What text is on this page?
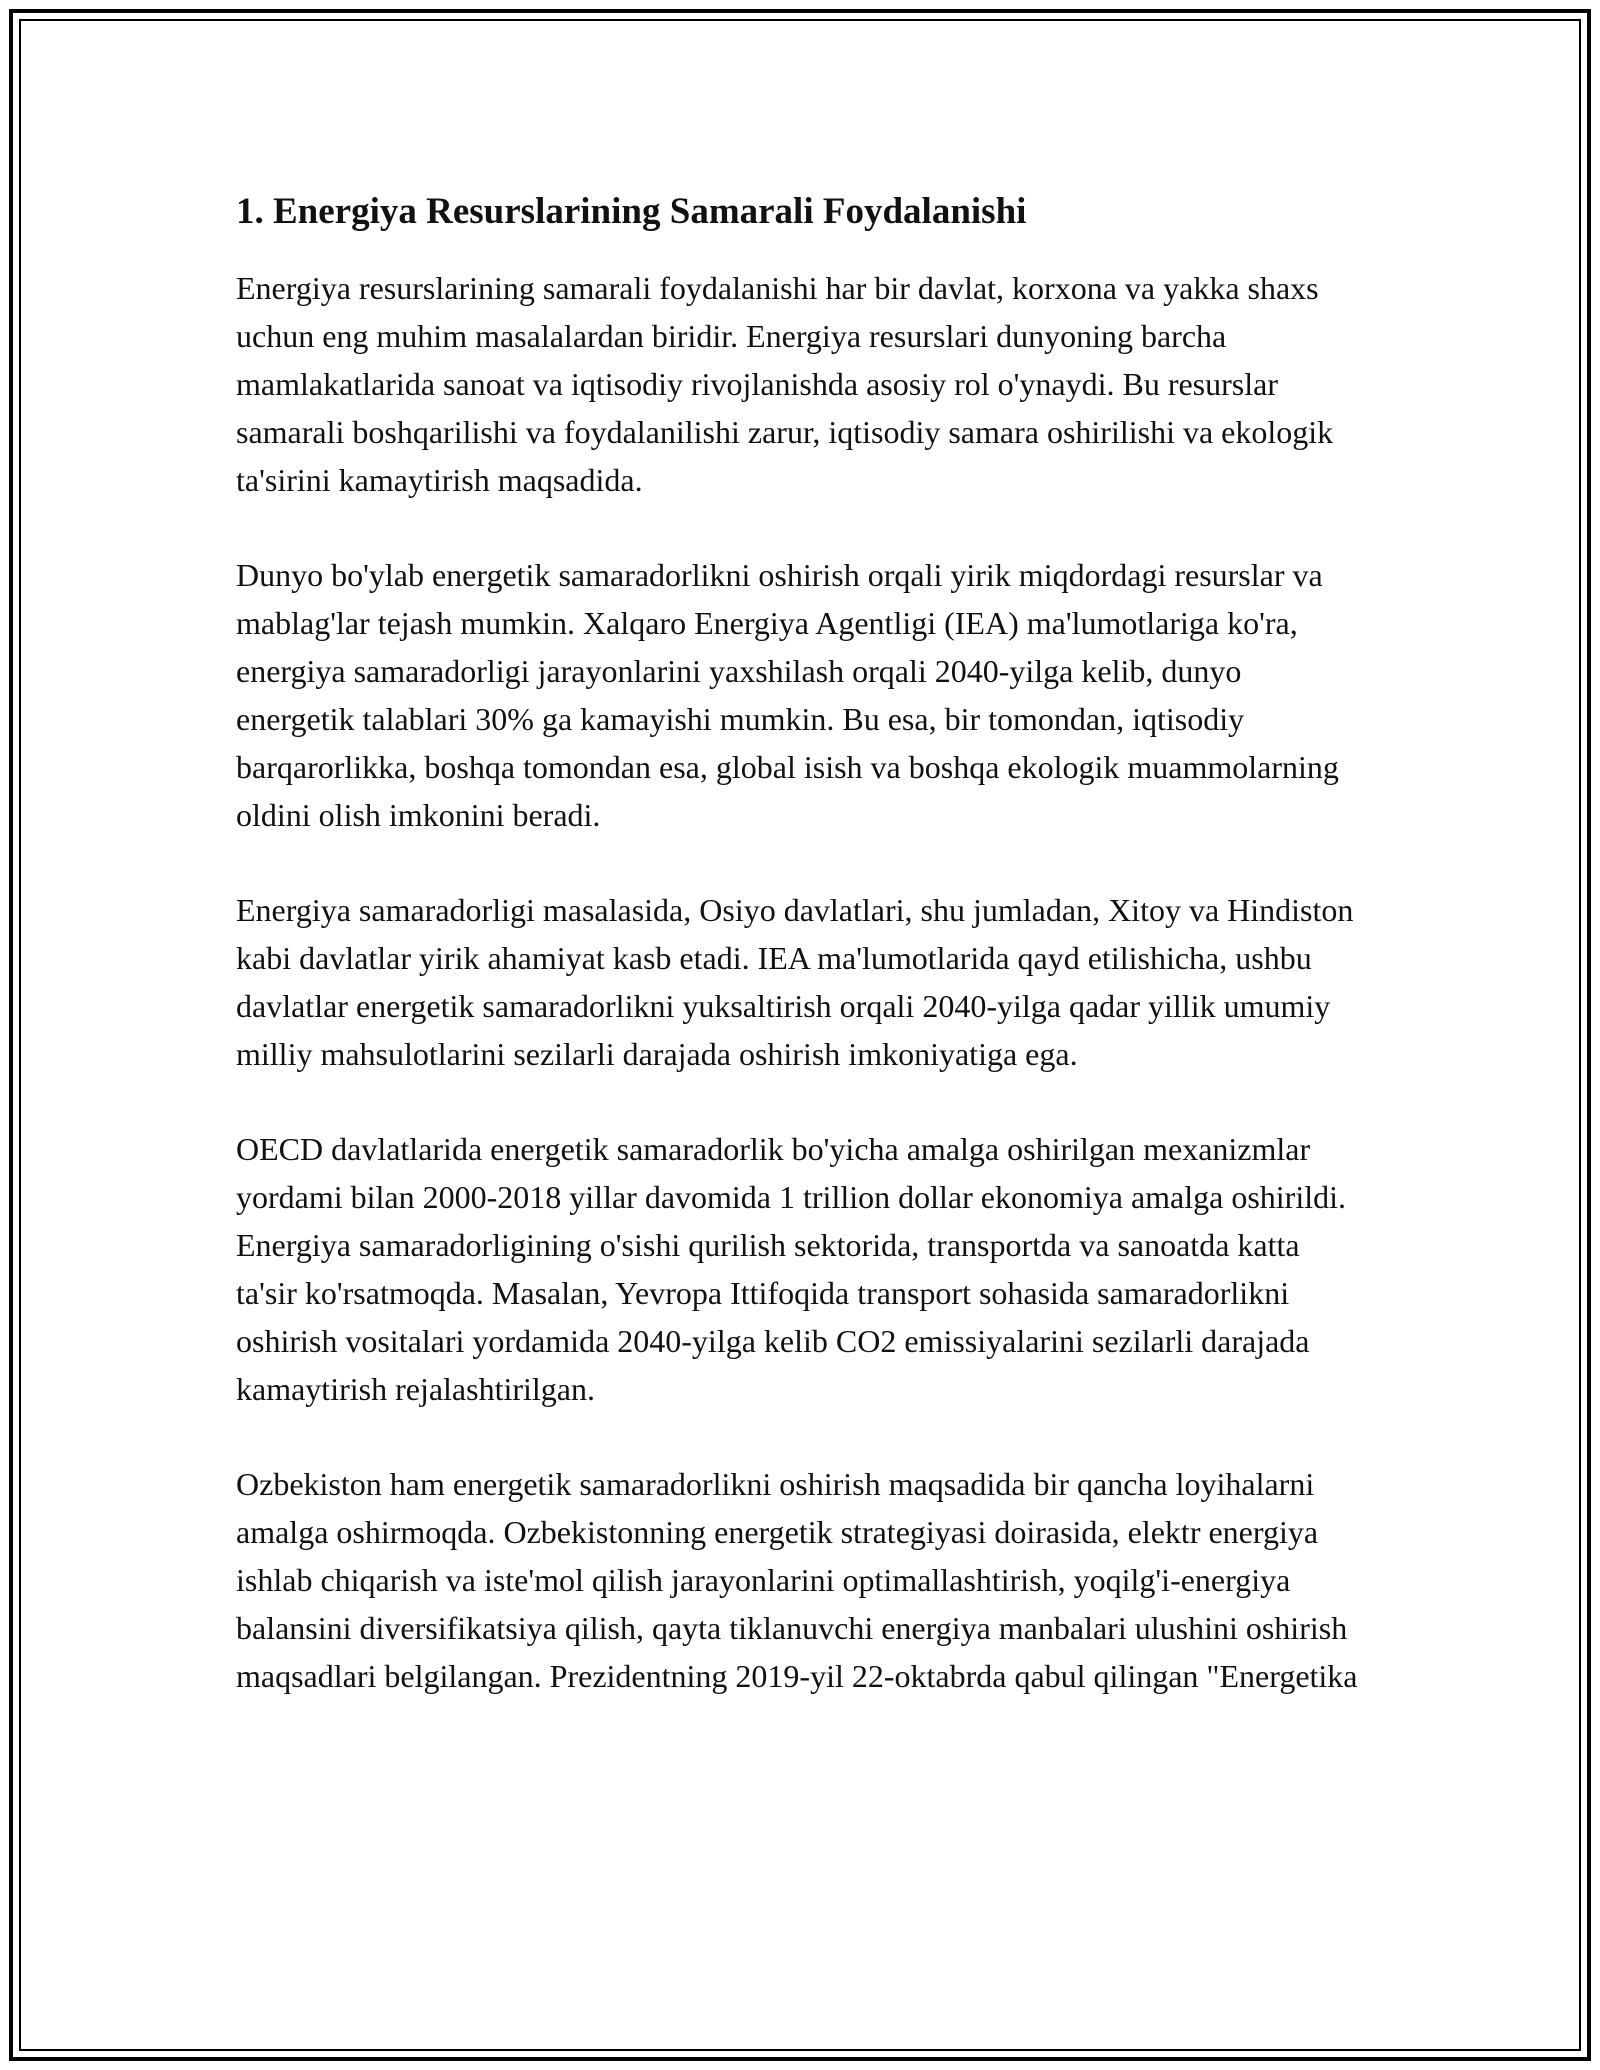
1. Energiya Resurslarining Samarali Foydalanishi

Energiya resurslarining samarali foydalanishi har bir davlat, korxona va yakka shaxs uchun eng muhim masalalardan biridir. Energiya resurslari dunyoning barcha mamlakatlarida sanoat va iqtisodiy rivojlanishda asosiy rol o'ynaydi. Bu resurslar samarali boshqarilishi va foydalanilishi zarur, iqtisodiy samara oshirilishi va ekologik ta'sirini kamaytirish maqsadida.

Dunyo bo'ylab energetik samaradorlikni oshirish orqali yirik miqdordagi resurslar va mablag'lar tejash mumkin. Xalqaro Energiya Agentligi (IEA) ma'lumotlariga ko'ra, energiya samaradorligi jarayonlarini yaxshilash orqali 2040-yilga kelib, dunyo energetik talablari 30% ga kamayishi mumkin. Bu esa, bir tomondan, iqtisodiy barqarorlikka, boshqa tomondan esa, global isish va boshqa ekologik muammolarning oldini olish imkonini beradi.

Energiya samaradorligi masalasida, Osiyo davlatlari, shu jumladan, Xitoy va Hindiston kabi davlatlar yirik ahamiyat kasb etadi. IEA ma'lumotlarida qayd etilishicha, ushbu davlatlar energetik samaradorlikni yuksaltirish orqali 2040-yilga qadar yillik umumiy milliy mahsulotlarini sezilarli darajada oshirish imkoniyatiga ega.

OECD davlatlarida energetik samaradorlik bo'yicha amalga oshirilgan mexanizmlar yordami bilan 2000-2018 yillar davomida 1 trillion dollar ekonomiya amalga oshirildi. Energiya samaradorligining o'sishi qurilish sektorida, transportda va sanoatda katta ta'sir ko'rsatmoqda. Masalan, Yevropa Ittifoqida transport sohasida samaradorlikni oshirish vositalari yordamida 2040-yilga kelib CO2 emissiyalarini sezilarli darajada kamaytirish rejalashtirilgan.

Ozbekiston ham energetik samaradorlikni oshirish maqsadida bir qancha loyihalarni amalga oshirmoqda. Ozbekistonning energetik strategiyasi doirasida, elektr energiya ishlab chiqarish va iste'mol qilish jarayonlarini optimallashtirish, yoqilg'i-energiya balansini diversifikatsiya qilish, qayta tiklanuvchi energiya manbalari ulushini oshirish maqsadlari belgilangan. Prezidentning 2019-yil 22-oktabrda qabul qilingan "Energetika
